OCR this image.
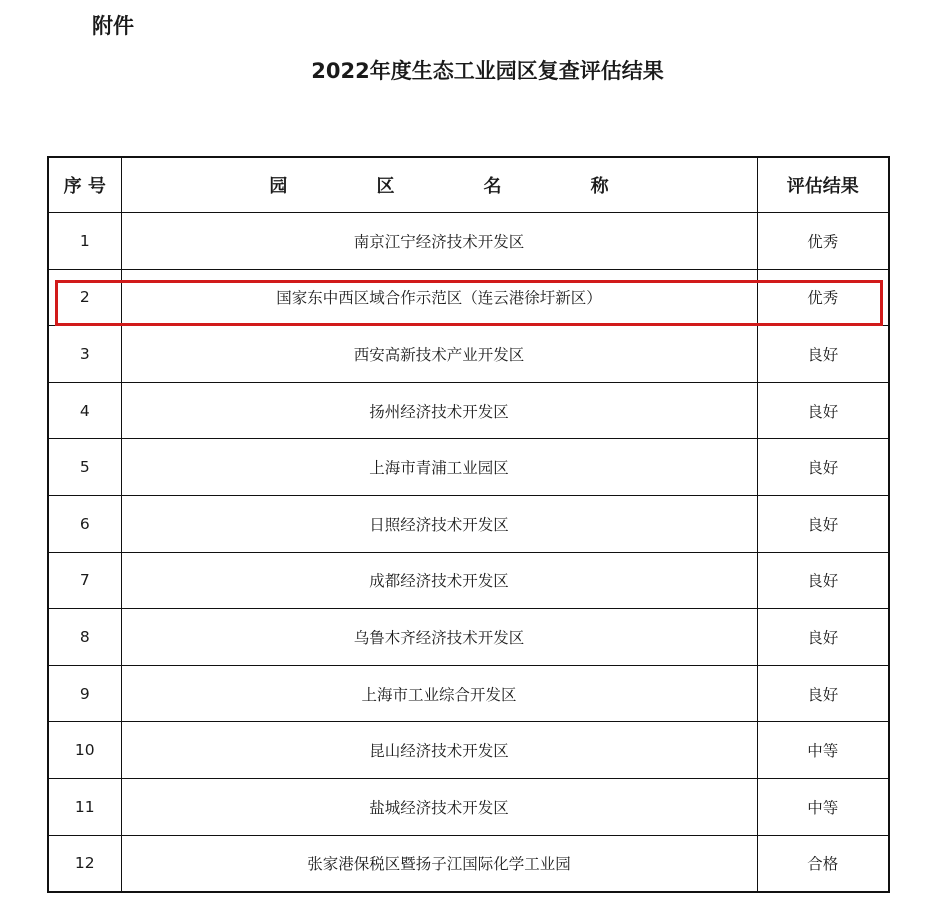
附件
2022年度生态工业园区复查评估结果
序 号	园 区 名 称	评估结果
1	南京江宁经济技术开发区	优秀
2	国家东中西区域合作示范区（连云港徐圩新区）	优秀
3	西安高新技术产业开发区	良好
4	扬州经济技术开发区	良好
5	上海市青浦工业园区	良好
6	日照经济技术开发区	良好
7	成都经济技术开发区	良好
8	乌鲁木齐经济技术开发区	良好
9	上海市工业综合开发区	良好
10	昆山经济技术开发区	中等
11	盐城经济技术开发区	中等
12	张家港保税区暨扬子江国际化学工业园	合格
